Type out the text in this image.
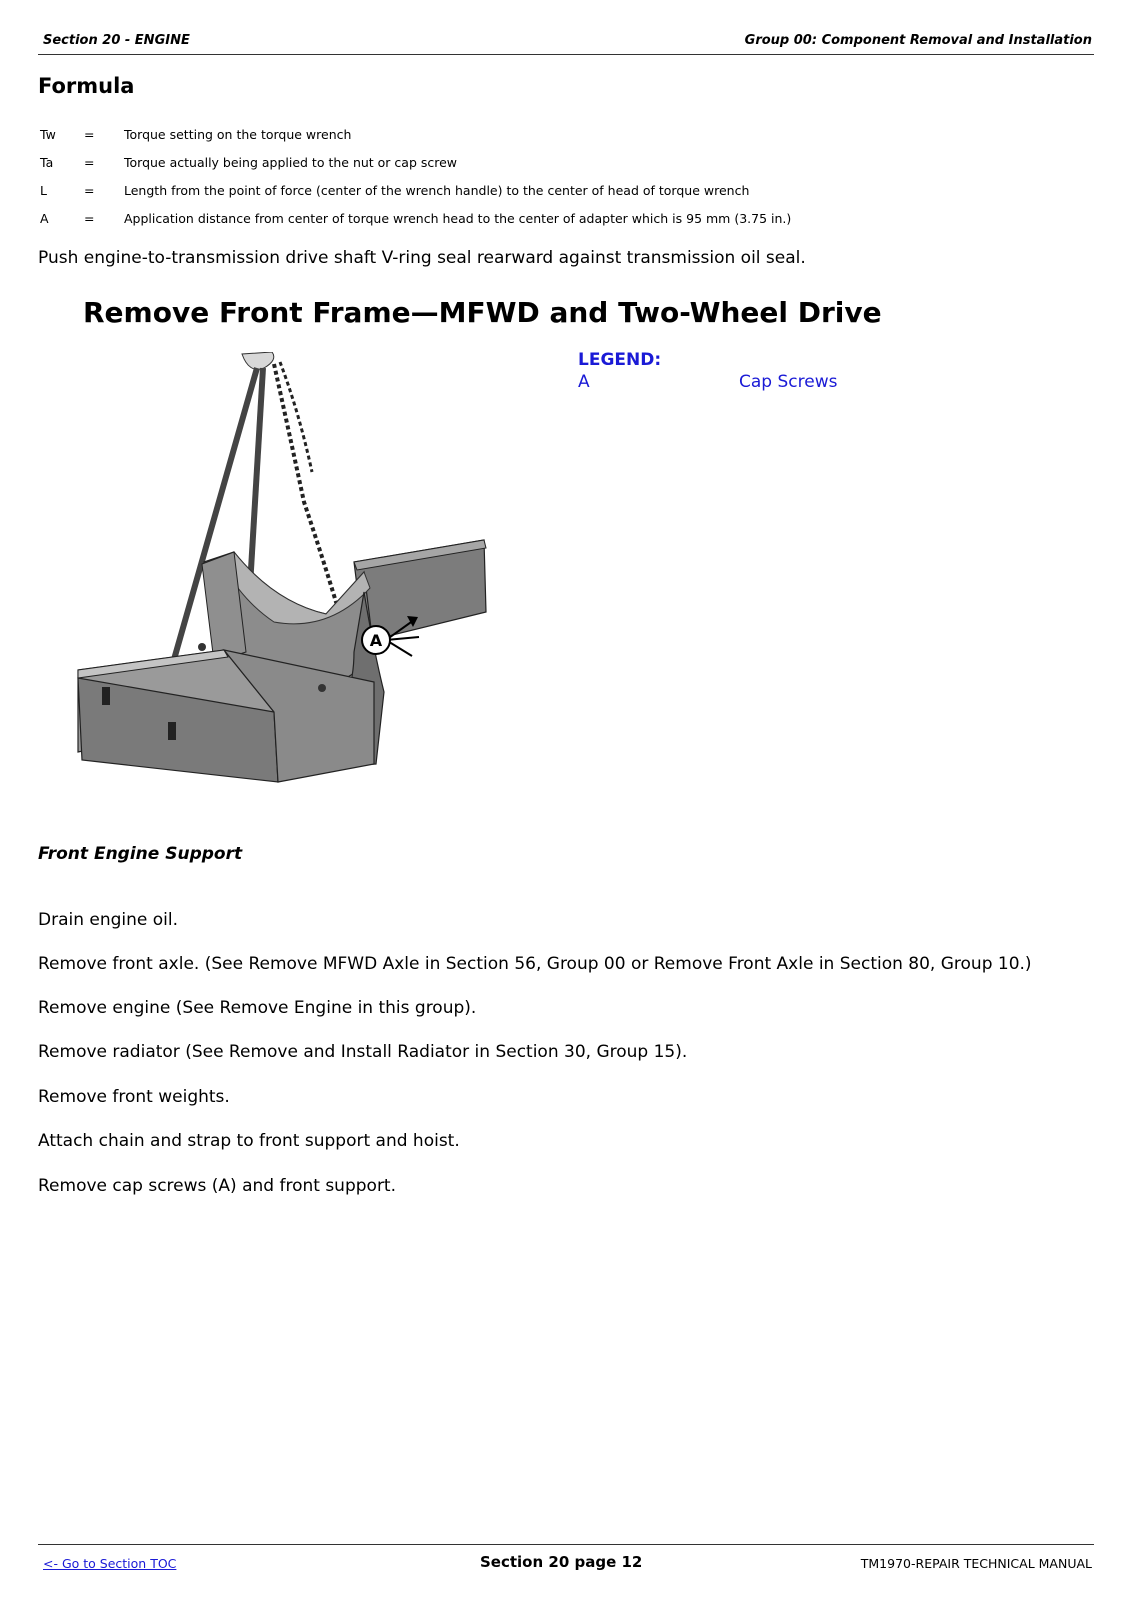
Section 20 - ENGINE	Group 00: Component Removal and Installation
Formula
Tw	=	Torque setting on the torque wrench
Ta	=	Torque actually being applied to the nut or cap screw
L	=	Length from the point of force (center of the wrench handle) to the center of head of torque wrench
A	=	Application distance from center of torque wrench head to the center of adapter which is 95 mm (3.75 in.)

Push engine-to-transmission drive shaft V-ring seal rearward against transmission oil seal.

Remove Front Frame—MFWD and Two-Wheel Drive
A
LEGEND:
A	Cap Screws
Front Engine Support

Drain engine oil.

Remove front axle. (See Remove MFWD Axle in Section 56, Group 00 or Remove Front Axle in Section 80, Group 10.)

Remove engine (See Remove Engine in this group).

Remove radiator (See Remove and Install Radiator in Section 30, Group 15).

Remove front weights.

Attach chain and strap to front support and hoist.

Remove cap screws (A) and front support.

<- Go to Section TOC	Section 20 page 12	TM1970-REPAIR TECHNICAL MANUAL
